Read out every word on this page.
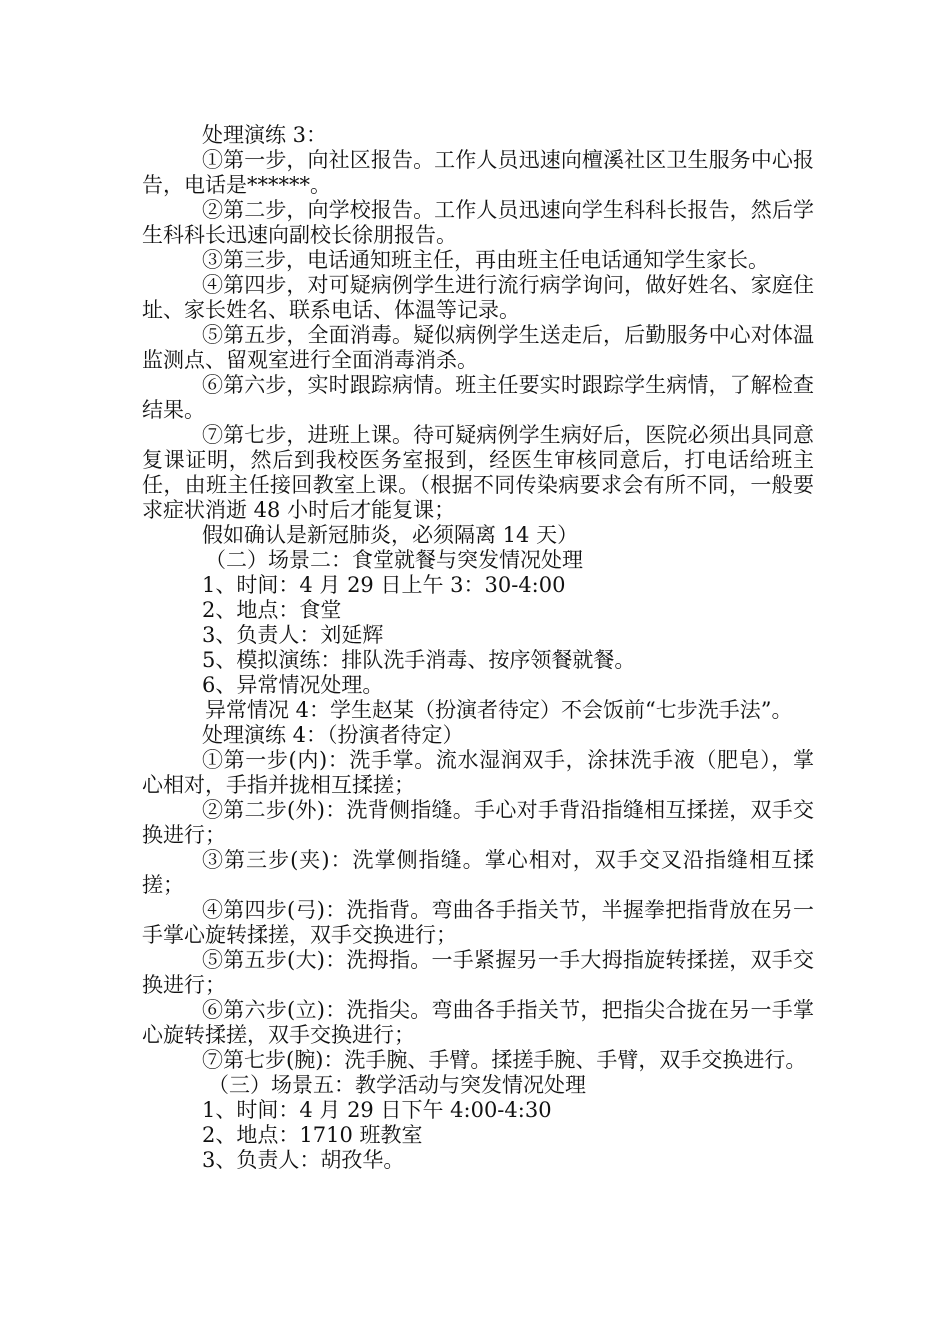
处理演练 3：

①第一步，向社区报告。工作人员迅速向檀溪社区卫生服务中心报告，电话是******。

②第二步，向学校报告。工作人员迅速向学生科科长报告，然后学生科科长迅速向副校长徐朋报告。

③第三步，电话通知班主任，再由班主任电话通知学生家长。

④第四步，对可疑病例学生进行流行病学询问，做好姓名、家庭住址、家长姓名、联系电话、体温等记录。

⑤第五步，全面消毒。疑似病例学生送走后，后勤服务中心对体温监测点、留观室进行全面消毒消杀。

⑥第六步，实时跟踪病情。班主任要实时跟踪学生病情，了解检查结果。

⑦第七步，进班上课。待可疑病例学生病好后，医院必须出具同意复课证明，然后到我校医务室报到，经医生审核同意后，打电话给班主任，由班主任接回教室上课。（根据不同传染病要求会有所不同，一般要求症状消逝 48 小时后才能复课；

假如确认是新冠肺炎，必须隔离 14 天）

（二）场景二：食堂就餐与突发情况处理

1、时间：4 月 29 日上午 3：30-4:00

2、地点：食堂

3、负责人：刘延辉

5、模拟演练：排队洗手消毒、按序领餐就餐。

6、异常情况处理。

异常情况 4：学生赵某（扮演者待定）不会饭前“七步洗手法”。

处理演练 4：（扮演者待定）

①第一步(内)：洗手掌。流水湿润双手，涂抹洗手液（肥皂），掌心相对，手指并拢相互揉搓；

②第二步(外)：洗背侧指缝。手心对手背沿指缝相互揉搓，双手交换进行；

③第三步(夹)：洗掌侧指缝。掌心相对，双手交叉沿指缝相互揉搓；

④第四步(弓)：洗指背。弯曲各手指关节，半握拳把指背放在另一手掌心旋转揉搓，双手交换进行；

⑤第五步(大)：洗拇指。一手紧握另一手大拇指旋转揉搓，双手交换进行；

⑥第六步(立)：洗指尖。弯曲各手指关节，把指尖合拢在另一手掌心旋转揉搓，双手交换进行；

⑦第七步(腕)：洗手腕、手臂。揉搓手腕、手臂，双手交换进行。

（三）场景五：教学活动与突发情况处理

1、时间：4 月 29 日下午 4:00-4:30

2、地点：1710 班教室

3、负责人：胡孜华。
